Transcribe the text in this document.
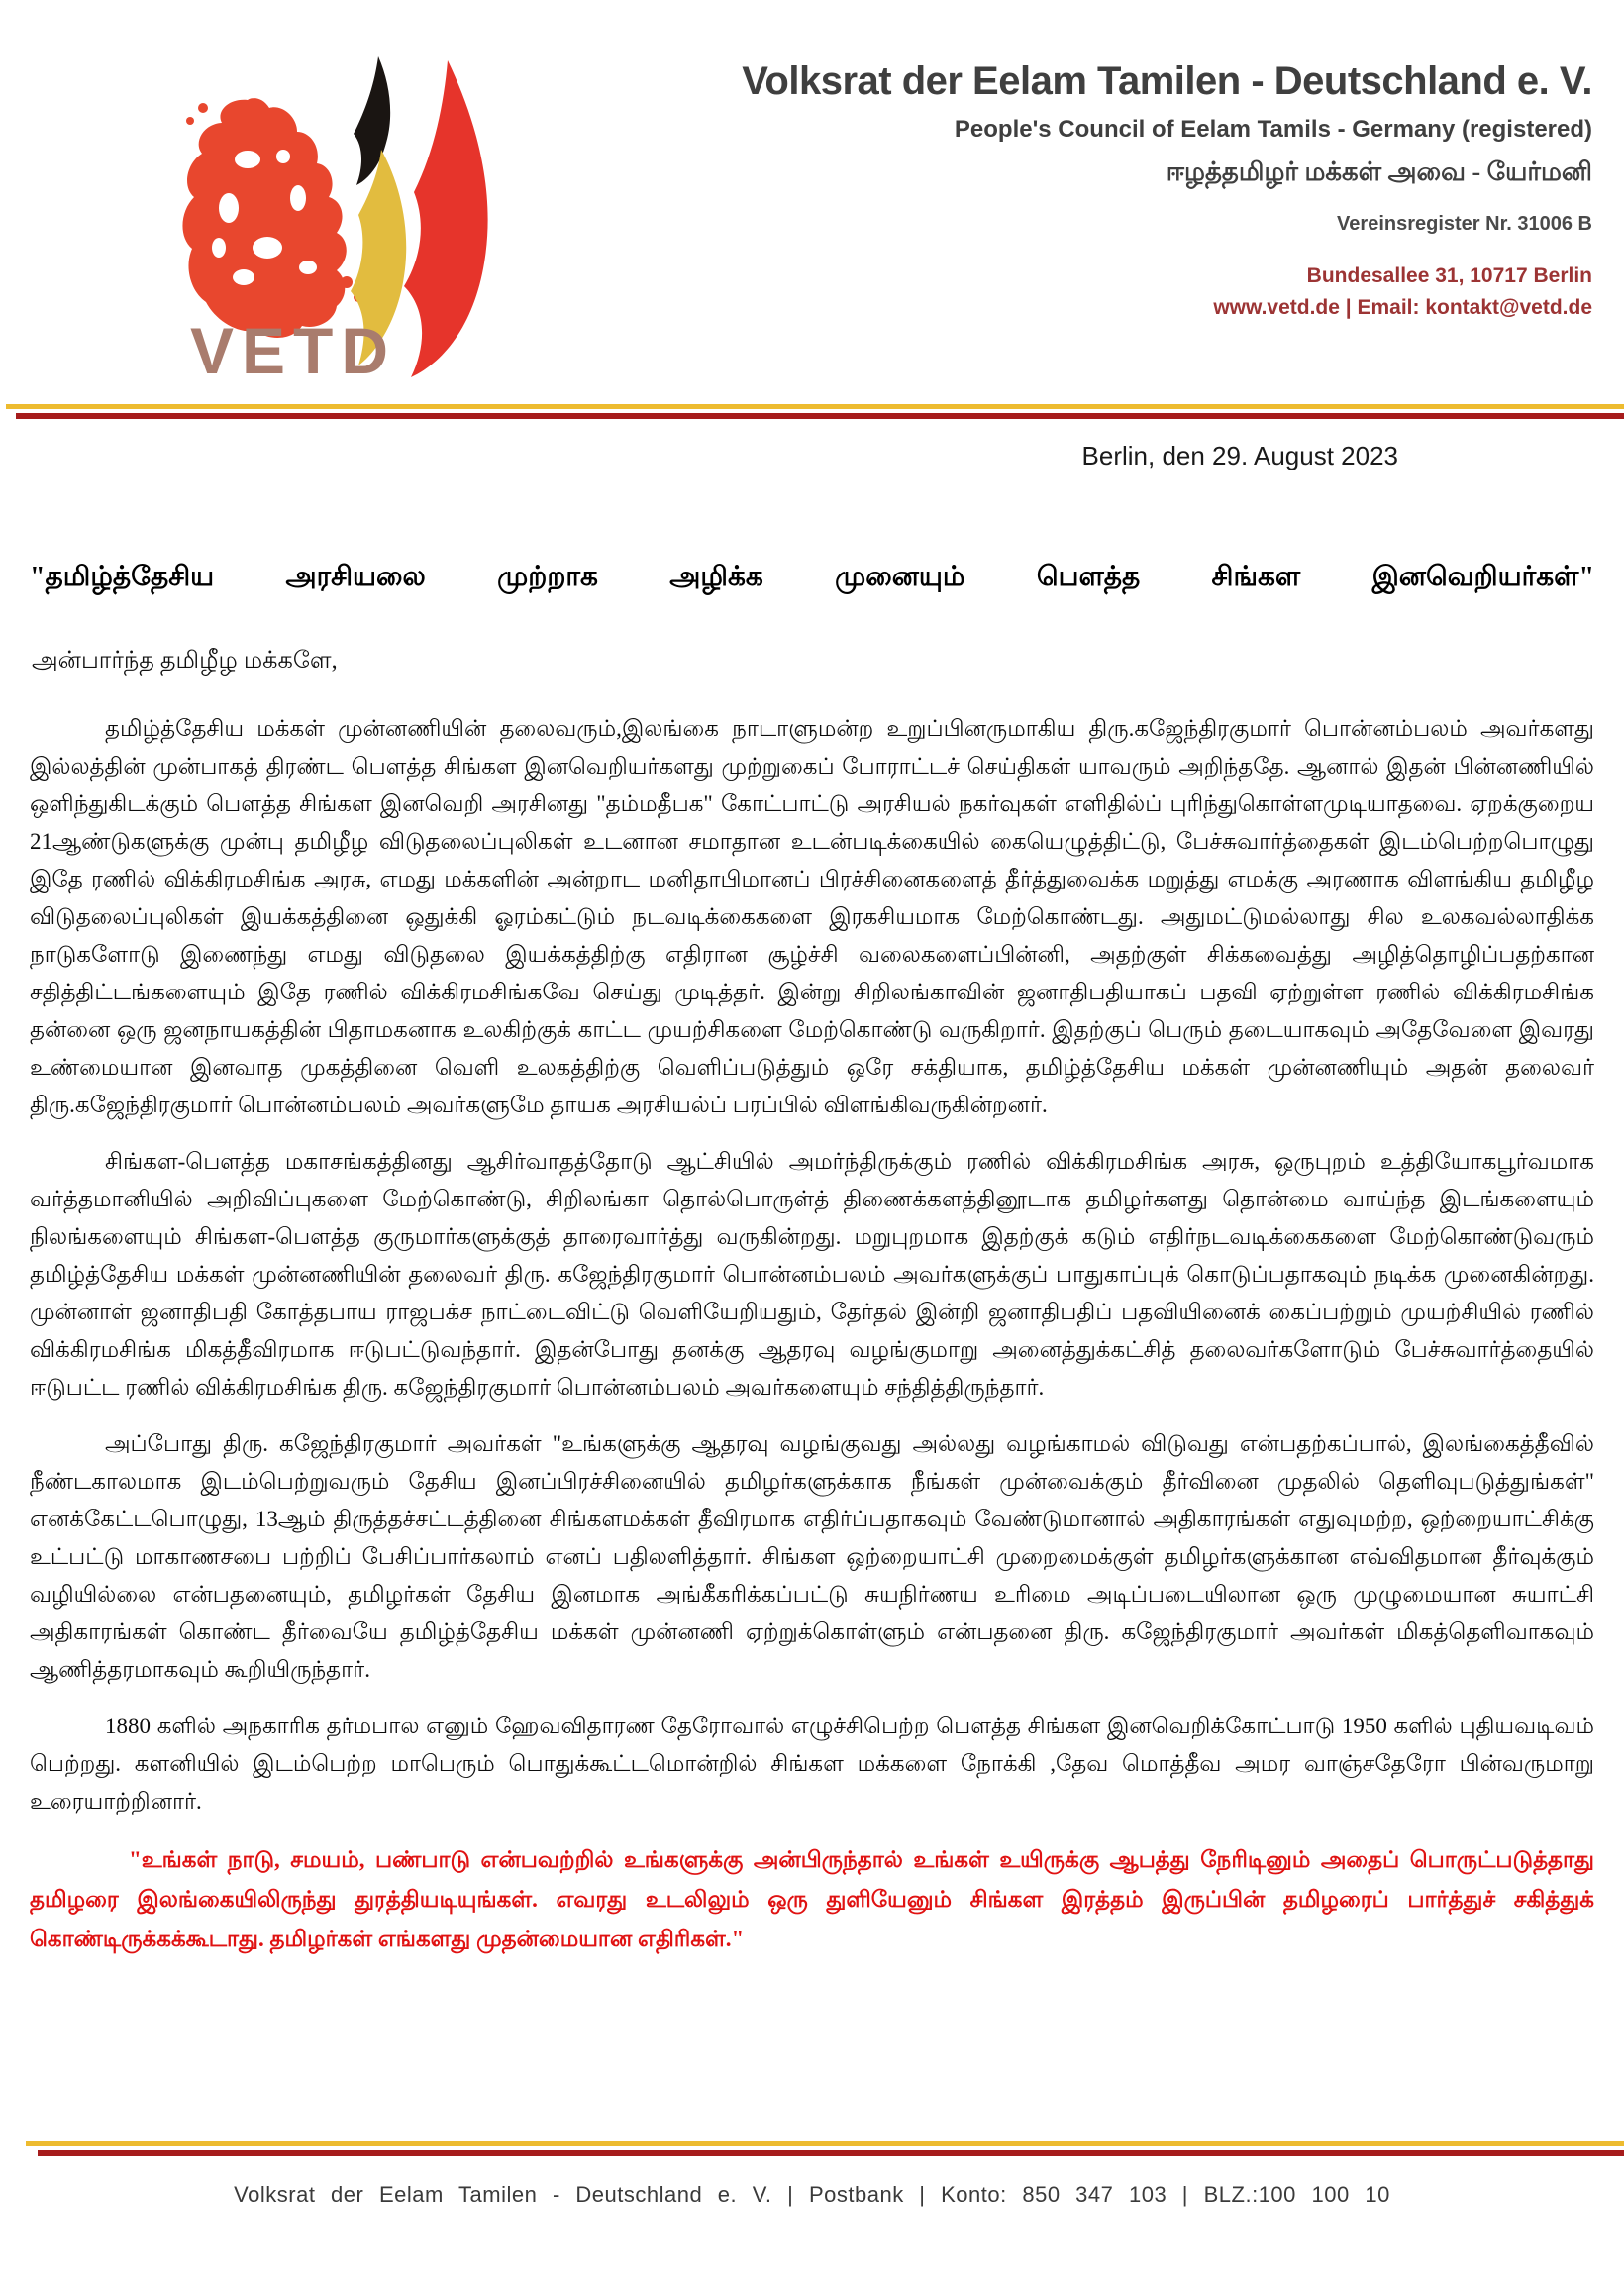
VETD
Volksrat der Eelam Tamilen - Deutschland e. V.
People's Council of Eelam Tamils - Germany (registered)
ஈழத்தமிழர் மக்கள் அவை - யேர்மனி
Vereinsregister Nr. 31006 B
Bundesallee 31, 10717 Berlin
www.vetd.de | Email: kontakt@vetd.de
Berlin, den 29. August 2023
"தமிழ்த்தேசிய அரசியலை முற்றாக அழிக்க முனையும் பௌத்த சிங்கள இனவெறியர்கள்"
அன்பார்ந்த தமிழீழ மக்களே,

தமிழ்த்தேசிய மக்கள் முன்னணியின் தலைவரும்,இலங்கை நாடாளுமன்ற உறுப்பினருமாகிய திரு.கஜேந்திரகுமார் பொன்னம்பலம் அவர்களது இல்லத்தின் முன்பாகத் திரண்ட பௌத்த சிங்கள இனவெறியர்களது முற்றுகைப் போராட்டச் செய்திகள் யாவரும் அறிந்ததே. ஆனால் இதன் பின்னணியில் ஒளிந்துகிடக்கும் பௌத்த சிங்கள இனவெறி அரசினது "தம்மதீபக" கோட்பாட்டு அரசியல் நகர்வுகள் எளிதில்ப் புரிந்துகொள்ளமுடியாதவை. ஏறக்குறைய 21ஆண்டுகளுக்கு முன்பு தமிழீழ விடுதலைப்புலிகள் உடனான சமாதான உடன்படிக்கையில் கையெழுத்திட்டு, பேச்சுவார்த்தைகள் இடம்பெற்றபொழுது இதே ரணில் விக்கிரமசிங்க அரசு, எமது மக்களின் அன்றாட மனிதாபிமானப் பிரச்சினைகளைத் தீர்த்துவைக்க மறுத்து எமக்கு அரணாக விளங்கிய தமிழீழ விடுதலைப்புலிகள் இயக்கத்தினை ஒதுக்கி ஓரம்கட்டும் நடவடிக்கைகளை இரகசியமாக மேற்கொண்டது. அதுமட்டுமல்லாது சில உலகவல்லாதிக்க நாடுகளோடு இணைந்து எமது விடுதலை இயக்கத்திற்கு எதிரான சூழ்ச்சி வலைகளைப்பின்னி, அதற்குள் சிக்கவைத்து அழித்தொழிப்பதற்கான சதித்திட்டங்களையும் இதே ரணில் விக்கிரமசிங்கவே செய்து முடித்தர். இன்று சிறிலங்காவின் ஜனாதிபதியாகப் பதவி ஏற்றுள்ள ரணில் விக்கிரமசிங்க தன்னை ஒரு ஜனநாயகத்தின் பிதாமகனாக உலகிற்குக் காட்ட முயற்சிகளை மேற்கொண்டு வருகிறார். இதற்குப் பெரும் தடையாகவும் அதேவேளை இவரது உண்மையான இனவாத முகத்தினை வெளி உலகத்திற்கு வெளிப்படுத்தும் ஒரே சக்தியாக, தமிழ்த்தேசிய மக்கள் முன்னணியும் அதன் தலைவர் திரு.கஜேந்திரகுமார் பொன்னம்பலம் அவர்களுமே தாயக அரசியல்ப் பரப்பில் விளங்கிவருகின்றனர்.

சிங்கள-பௌத்த மகாசங்கத்தினது ஆசிர்வாதத்தோடு ஆட்சியில் அமர்ந்திருக்கும் ரணில் விக்கிரமசிங்க அரசு, ஒருபுறம் உத்தியோகபூர்வமாக வர்த்தமானியில் அறிவிப்புகளை மேற்கொண்டு, சிறிலங்கா தொல்பொருள்த் திணைக்களத்தினூடாக தமிழர்களது தொன்மை வாய்ந்த இடங்களையும் நிலங்களையும் சிங்கள-பௌத்த குருமார்களுக்குத் தாரைவார்த்து வருகின்றது. மறுபுறமாக இதற்குக் கடும் எதிர்நடவடிக்கைகளை மேற்கொண்டுவரும் தமிழ்த்தேசிய மக்கள் முன்னணியின் தலைவர் திரு. கஜேந்திரகுமார் பொன்னம்பலம் அவர்களுக்குப் பாதுகாப்புக் கொடுப்பதாகவும் நடிக்க முனைகின்றது. முன்னாள் ஜனாதிபதி கோத்தபாய ராஜபக்ச நாட்டைவிட்டு வெளியேறியதும், தேர்தல் இன்றி ஜனாதிபதிப் பதவியினைக் கைப்பற்றும் முயற்சியில் ரணில் விக்கிரமசிங்க மிகத்தீவிரமாக ஈடுபட்டுவந்தார். இதன்போது தனக்கு ஆதரவு வழங்குமாறு அனைத்துக்கட்சித் தலைவர்களோடும் பேச்சுவார்த்தையில் ஈடுபட்ட ரணில் விக்கிரமசிங்க திரு. கஜேந்திரகுமார் பொன்னம்பலம் அவர்களையும் சந்தித்திருந்தார்.

அப்போது திரு. கஜேந்திரகுமார் அவர்கள் "உங்களுக்கு ஆதரவு வழங்குவது அல்லது வழங்காமல் விடுவது என்பதற்கப்பால், இலங்கைத்தீவில் நீண்டகாலமாக இடம்பெற்றுவரும் தேசிய இனப்பிரச்சினையில் தமிழர்களுக்காக நீங்கள் முன்வைக்கும் தீர்வினை முதலில் தெளிவுபடுத்துங்கள்" எனக்கேட்டபொழுது, 13ஆம் திருத்தச்சட்டத்தினை சிங்களமக்கள் தீவிரமாக எதிர்ப்பதாகவும் வேண்டுமானால் அதிகாரங்கள் எதுவுமற்ற, ஒற்றையாட்சிக்கு உட்பட்டு மாகாணசபை பற்றிப் பேசிப்பார்கலாம் எனப் பதிலளித்தார். சிங்கள ஒற்றையாட்சி முறைமைக்குள் தமிழர்களுக்கான எவ்விதமான தீர்வுக்கும் வழியில்லை என்பதனையும், தமிழர்கள் தேசிய இனமாக அங்கீகரிக்கப்பட்டு சுயநிர்ணய உரிமை அடிப்படையிலான ஒரு முழுமையான சுயாட்சி அதிகாரங்கள் கொண்ட தீர்வையே தமிழ்த்தேசிய மக்கள் முன்னணி ஏற்றுக்கொள்ளும் என்பதனை திரு. கஜேந்திரகுமார் அவர்கள் மிகத்தெளிவாகவும் ஆணித்தரமாகவும் கூறியிருந்தார்.

1880 களில் அநகாரிக தர்மபால எனும் ஹேவவிதாரண தேரோவால் எழுச்சிபெற்ற பௌத்த சிங்கள இனவெறிக்கோட்பாடு 1950 களில் புதியவடிவம் பெற்றது. களனியில் இடம்பெற்ற மாபெரும் பொதுக்கூட்டமொன்றில் சிங்கள மக்களை நோக்கி ,தேவ மொத்தீவ அமர வாஞ்சதேரோ பின்வருமாறு உரையாற்றினார்.

"உங்கள் நாடு, சமயம், பண்பாடு என்பவற்றில் உங்களுக்கு அன்பிருந்தால் உங்கள் உயிருக்கு ஆபத்து நேரிடினும் அதைப் பொருட்படுத்தாது தமிழரை இலங்கையிலிருந்து துரத்தியடியுங்கள். எவரது உடலிலும் ஒரு துளியேனும் சிங்கள இரத்தம் இருப்பின் தமிழரைப் பார்த்துச் சகித்துக் கொண்டிருக்கக்கூடாது. தமிழர்கள் எங்களது முதன்மையான எதிரிகள்."
Volksrat der Eelam Tamilen - Deutschland e. V. | Postbank | Konto: 850 347 103 | BLZ.:100 100 10
